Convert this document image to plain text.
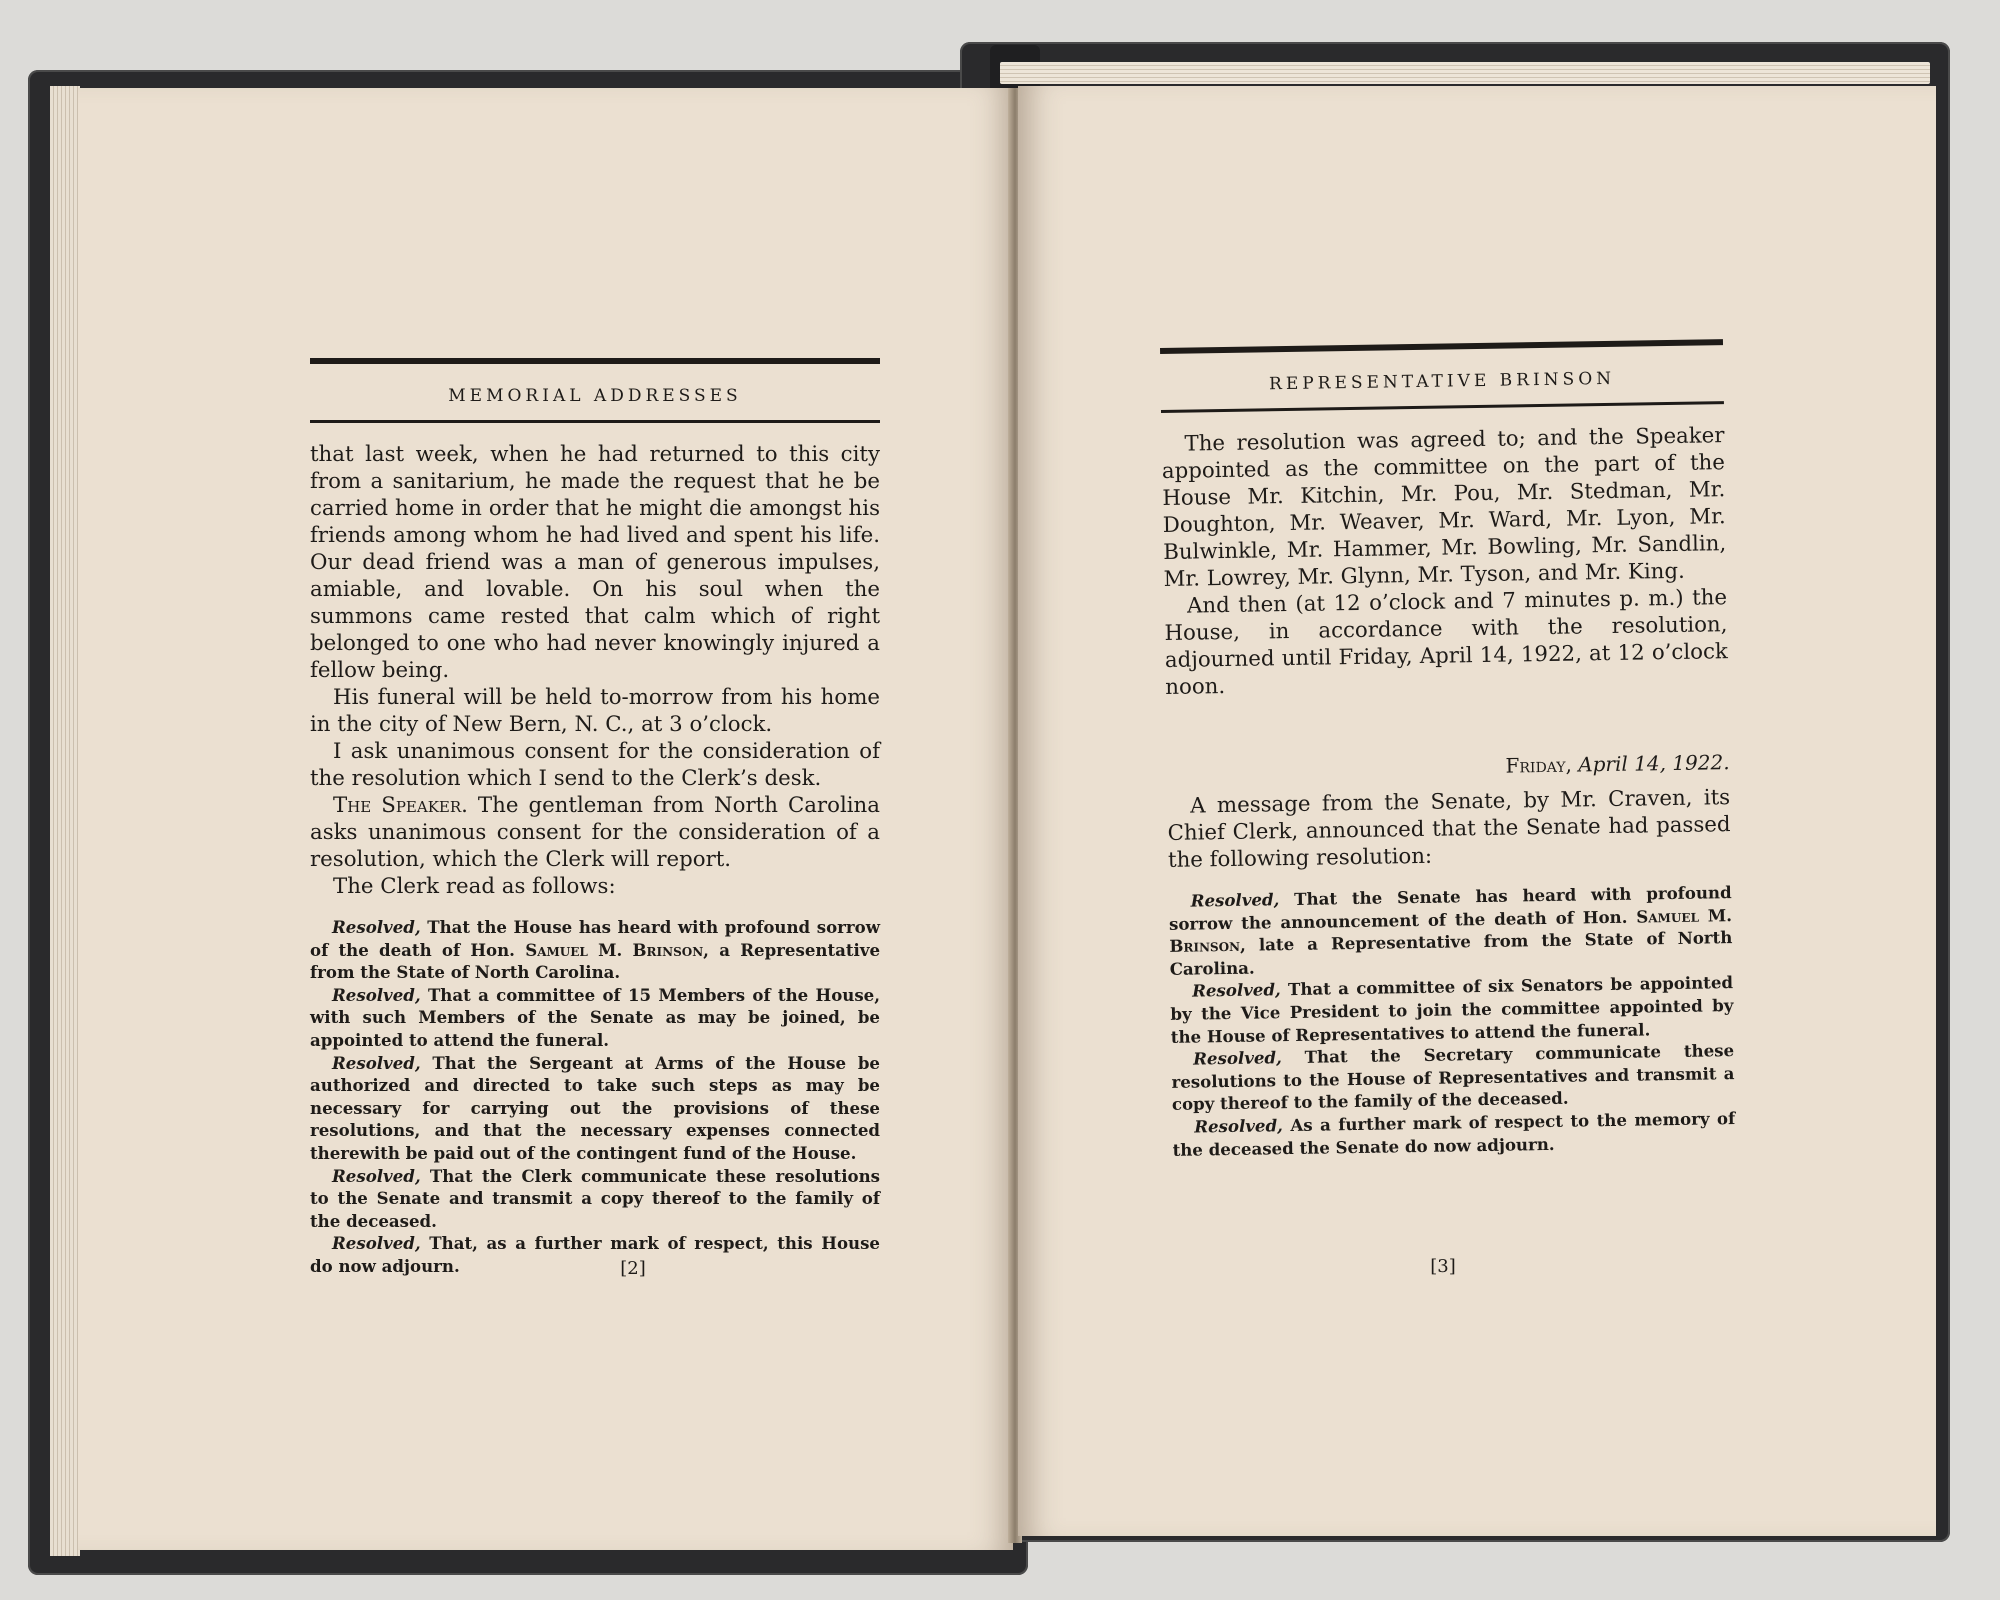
MEMORIAL ADDRESSES

that last week, when he had returned to this city from a sanitarium, he made the request that he be carried home in order that he might die amongst his friends among whom he had lived and spent his life. Our dead friend was a man of generous impulses, amiable, and lovable. On his soul when the summons came rested that calm which of right belonged to one who had never knowingly injured a fellow being.

His funeral will be held to-morrow from his home in the city of New Bern, N. C., at 3 o’clock.

I ask unanimous consent for the consideration of the resolution which I send to the Clerk’s desk.

The Speaker. The gentleman from North Carolina asks unanimous consent for the consideration of a resolution, which the Clerk will report.

The Clerk read as follows:

Resolved, That the House has heard with profound sorrow of the death of Hon. Samuel M. Brinson, a Representative from the State of North Carolina.

Resolved, That a committee of 15 Members of the House, with such Members of the Senate as may be joined, be appointed to attend the funeral.

Resolved, That the Sergeant at Arms of the House be authorized and directed to take such steps as may be necessary for carrying out the provisions of these resolutions, and that the necessary expenses connected therewith be paid out of the contingent fund of the House.

Resolved, That the Clerk communicate these resolutions to the Senate and transmit a copy thereof to the family of the deceased.

Resolved, That, as a further mark of respect, this House do now adjourn.	[2]
REPRESENTATIVE BRINSON

The resolution was agreed to; and the Speaker appointed as the committee on the part of the House Mr. Kitchin, Mr. Pou, Mr. Stedman, Mr. Doughton, Mr. Weaver, Mr. Ward, Mr. Lyon, Mr. Bulwinkle, Mr. Hammer, Mr. Bowling, Mr. Sandlin, Mr. Lowrey, Mr. Glynn, Mr. Tyson, and Mr. King.

And then (at 12 o’clock and 7 minutes p. m.) the House, in accordance with the resolution, adjourned until Friday, April 14, 1922, at 12 o’clock noon.

Friday, April 14, 1922.

A message from the Senate, by Mr. Craven, its Chief Clerk, announced that the Senate had passed the following resolution:

Resolved, That the Senate has heard with profound sorrow the announcement of the death of Hon. Samuel M. Brinson, late a Representative from the State of North Carolina.

Resolved, That a committee of six Senators be appointed by the Vice President to join the committee appointed by the House of Representatives to attend the funeral.

Resolved, That the Secretary communicate these resolutions to the House of Representatives and transmit a copy thereof to the family of the deceased.

Resolved, As a further mark of respect to the memory of the deceased the Senate do now adjourn.

[3]
